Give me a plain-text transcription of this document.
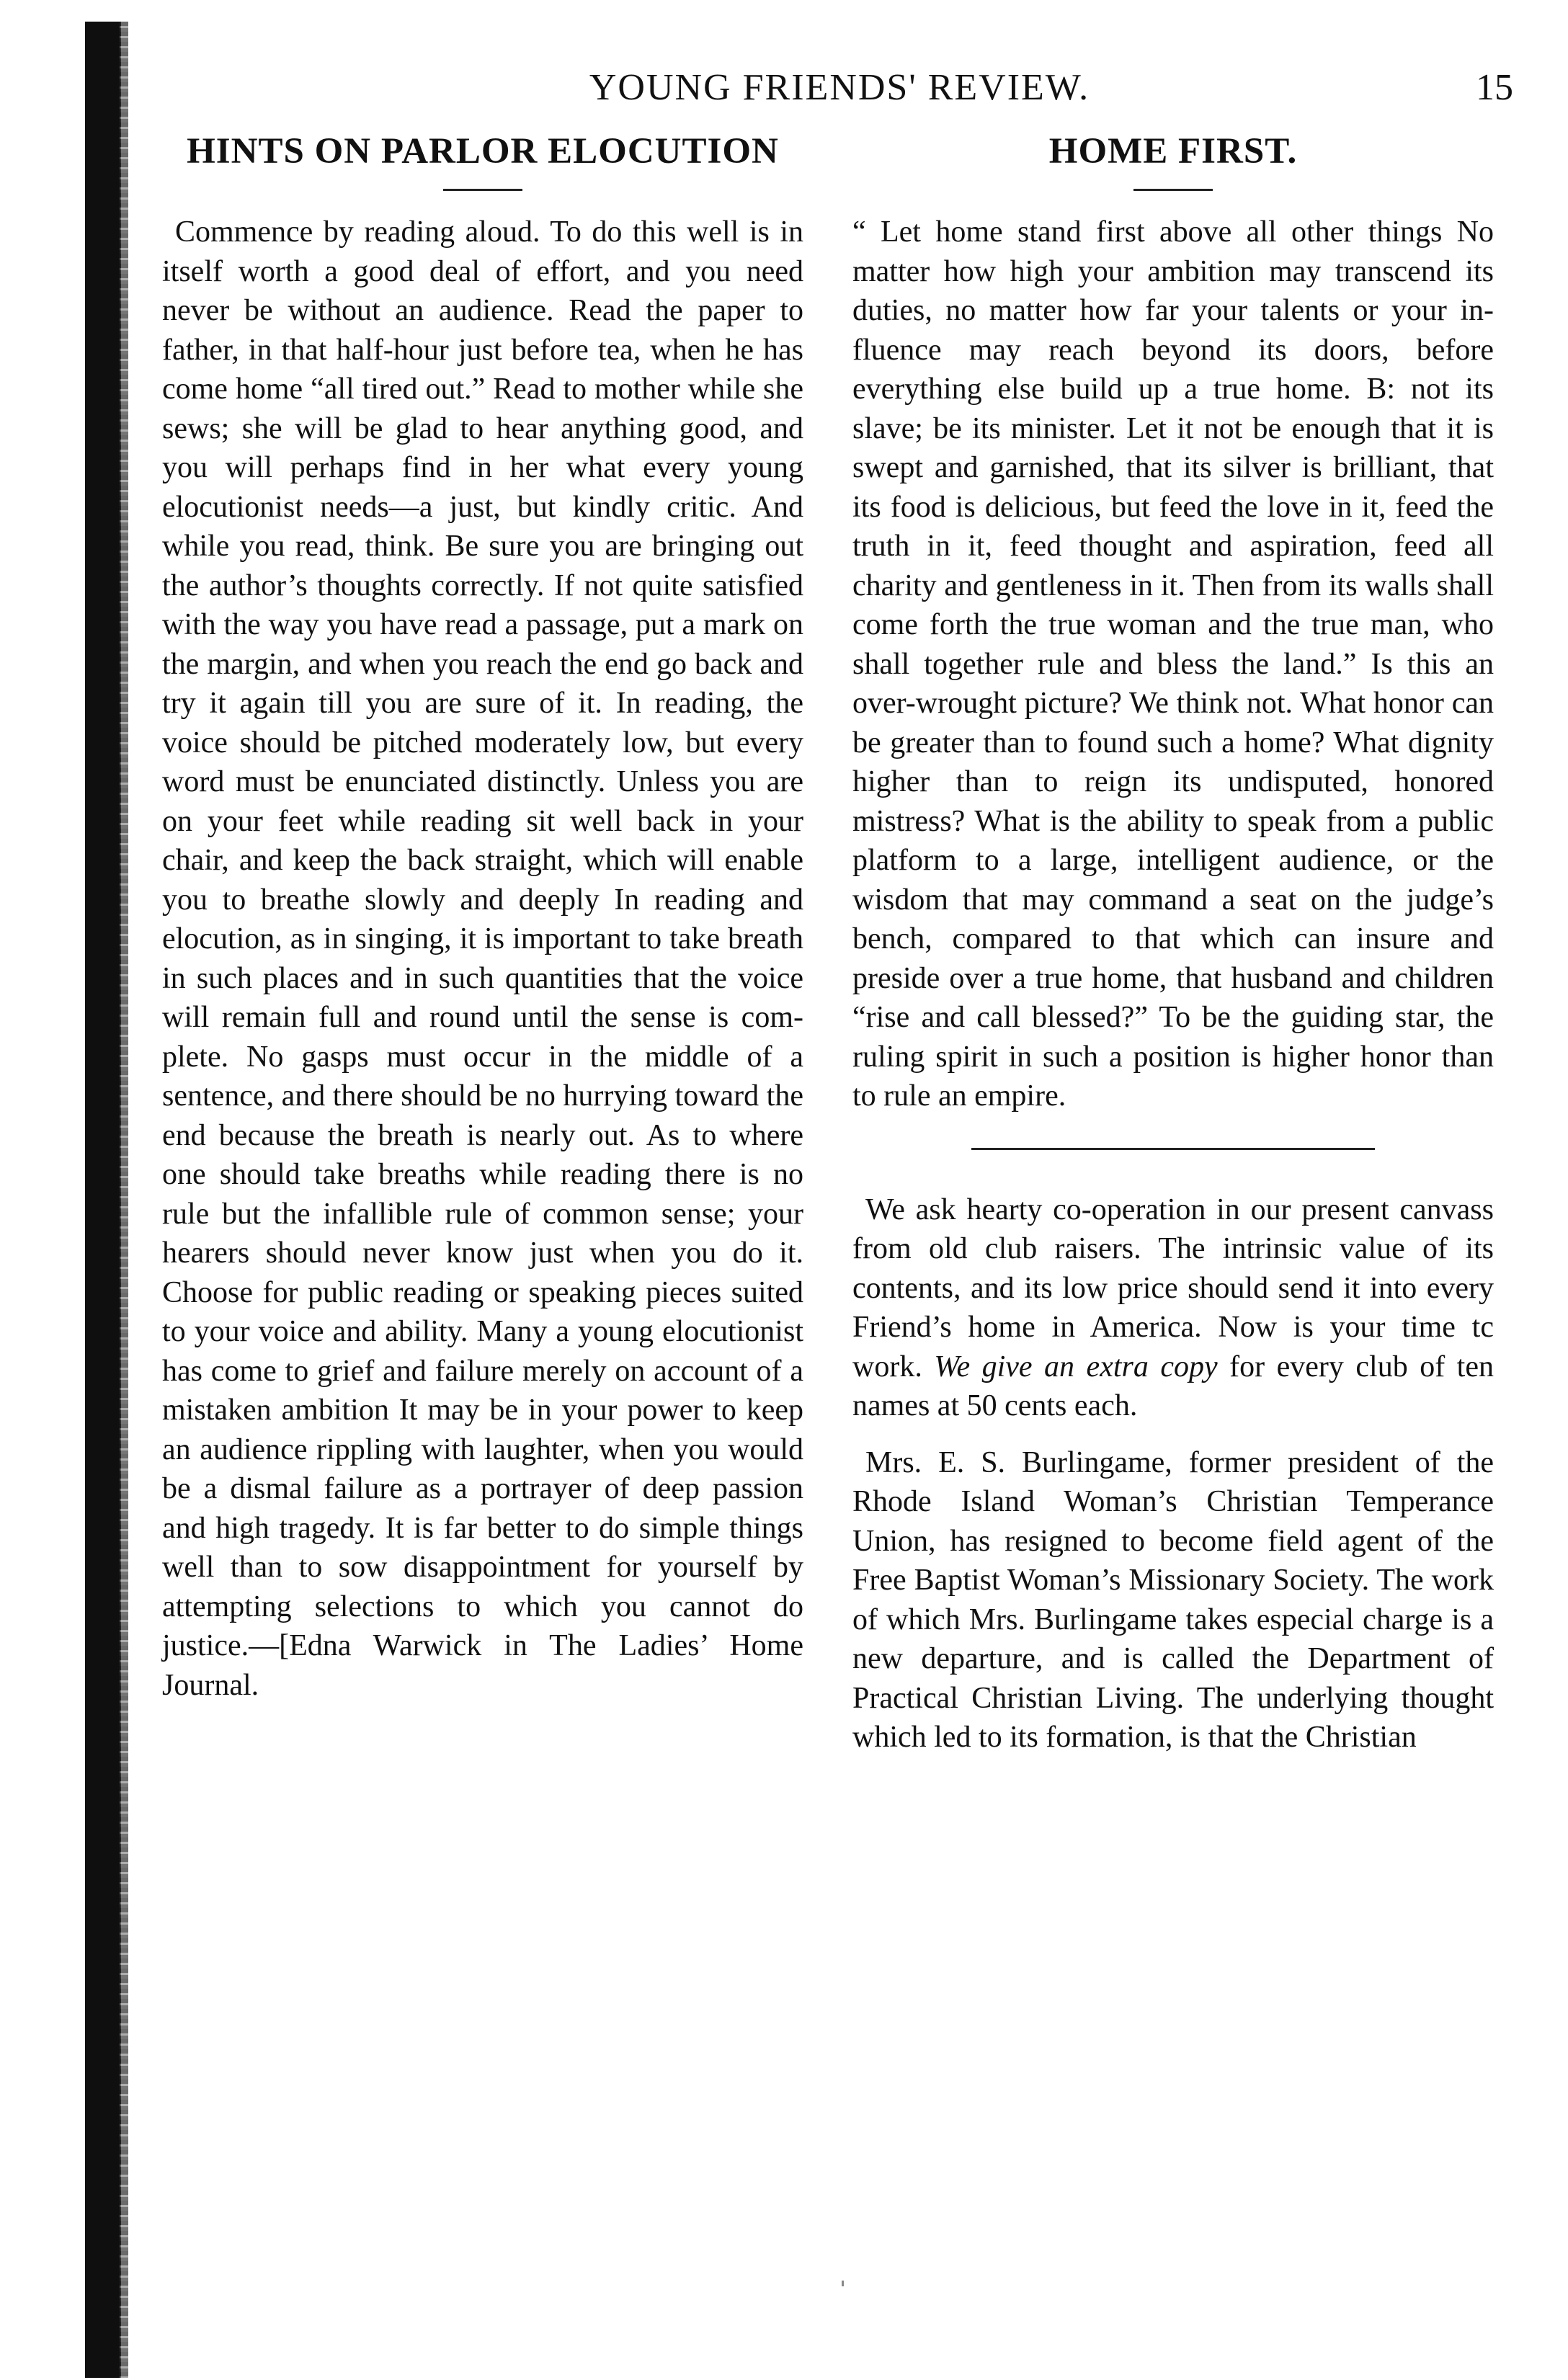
YOUNG FRIENDS' REVIEW.	15
HINTS ON PARLOR ELOCUTION

Commence by reading aloud. To do this well is in itself worth a good deal of effort, and you need never be without an audience. Read the paper to father, in that half-hour just before tea, when he has come home “all tired out.” Read to mother while she sews; she will be glad to hear anything good, and you will perhaps find in her what every young elocutionist needs—a just, but kindly critic. And while you read, think. Be sure you are bringing out the author’s thoughts correctly. If not quite satisfied with the way you have read a passage, put a mark on the margin, and when you reach the end go back and try it again till you are sure of it. In reading, the voice should be pitched moderately low, but every word must be enunciated distinctly. Unless you are on your feet while reading sit well back in your chair, and keep the back straight, which will enable you to breathe slowly and deeply In reading and elocution, as in singing, it is important to take breath in such places and in such quantities that the voice will remain full and round until the sense is complete. No gasps must occur in the middle of a sentence, and there should be no hurrying toward the end because the breath is nearly out. As to where one should take breaths while reading there is no rule but the infallible rule of common sense; your hearers should never know just when you do it. Choose for public reading or speaking pieces suited to your voice and ability. Many a young elocutionist has come to grief and failure merely on account of a mistaken ambition It may be in your power to keep an audience rippling with laughter, when you would be a dismal failure as a portrayer of deep passion and high tragedy. It is far better to do simple things well than to sow disappointment for yourself by attempting selections to which you cannot do justice.—[Edna Warwick in The Ladies’ Home Journal.

HOME FIRST.

“ Let home stand first above all other things No matter how high your ambition may transcend its duties, no matter how far your talents or your influence may reach beyond its doors, before everything else build up a true home. B: not its slave; be its minister. Let it not be enough that it is swept and garnished, that its silver is brilliant, that its food is delicious, but feed the love in it, feed the truth in it, feed thought and aspiration, feed all charity and gentleness in it. Then from its walls shall come forth the true woman and the true man, who shall together rule and bless the land.” Is this an over-wrought picture? We think not. What honor can be greater than to found such a home? What dignity higher than to reign its undisputed, honored mistress? What is the ability to speak from a public platform to a large, intelligent audience, or the wisdom that may command a seat on the judge’s bench, compared to that which can insure and preside over a true home, that husband and children “rise and call blessed?” To be the guiding star, the ruling spirit in such a position is higher honor than to rule an empire.

We ask hearty co-operation in our present canvass from old club raisers. The intrinsic value of its contents, and its low price should send it into every Friend’s home in America. Now is your time tc work. We give an extra copy for every club of ten names at 50 cents each.

Mrs. E. S. Burlingame, former president of the Rhode Island Woman’s Christian Temperance Union, has resigned to become field agent of the Free Baptist Woman’s Missionary Society. The work of which Mrs. Burlingame takes especial charge is a new departure, and is called the Department of Practical Christian Living. The underlying thought which led to its formation, is that the Christian
